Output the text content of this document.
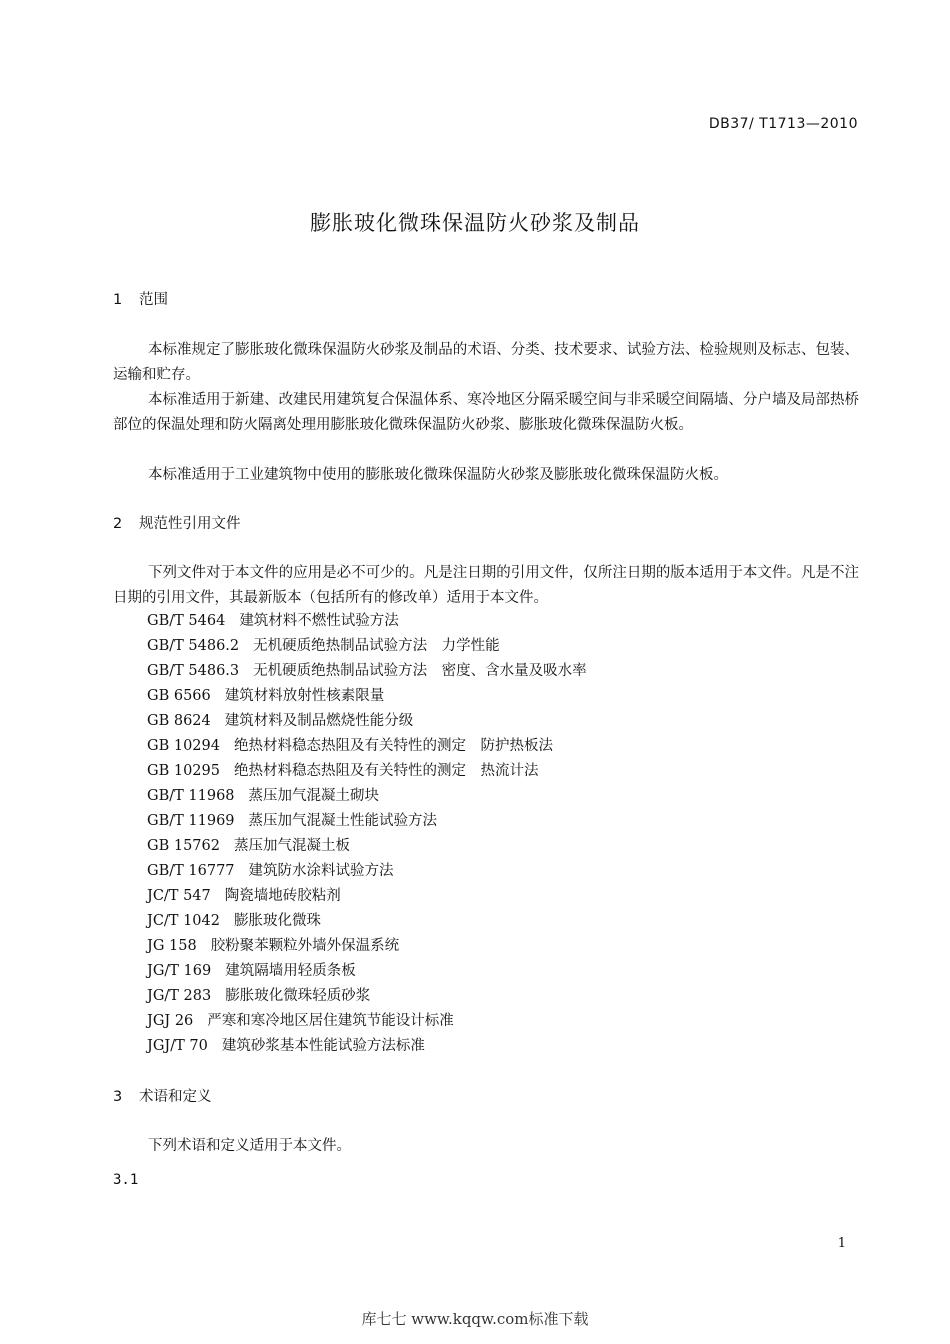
DB37/ T1713—2010
膨胀玻化微珠保温防火砂浆及制品
1 范围

本标准规定了膨胀玻化微珠保温防火砂浆及制品的术语、分类、技术要求、试验方法、检验规则及标志、包装、运输和贮存。

本标准适用于新建、改建民用建筑复合保温体系、寒冷地区分隔采暖空间与非采暖空间隔墙、分户墙及局部热桥部位的保温处理和防火隔离处理用膨胀玻化微珠保温防火砂浆、膨胀玻化微珠保温防火板。

本标准适用于工业建筑物中使用的膨胀玻化微珠保温防火砂浆及膨胀玻化微珠保温防火板。

2 规范性引用文件

下列文件对于本文件的应用是必不可少的。凡是注日期的引用文件，仅所注日期的版本适用于本文件。凡是不注日期的引用文件，其最新版本（包括所有的修改单）适用于本文件。

GB/T 5464 建筑材料不燃性试验方法
GB/T 5486.2 无机硬质绝热制品试验方法　力学性能
GB/T 5486.3 无机硬质绝热制品试验方法　密度、含水量及吸水率
GB 6566 建筑材料放射性核素限量
GB 8624 建筑材料及制品燃烧性能分级
GB 10294 绝热材料稳态热阻及有关特性的测定　防护热板法
GB 10295 绝热材料稳态热阻及有关特性的测定　热流计法
GB/T 11968 蒸压加气混凝土砌块
GB/T 11969 蒸压加气混凝土性能试验方法
GB 15762 蒸压加气混凝土板
GB/T 16777 建筑防水涂料试验方法
JC/T 547 陶瓷墙地砖胶粘剂
JC/T 1042 膨胀玻化微珠
JG 158 胶粉聚苯颗粒外墙外保温系统
JG/T 169 建筑隔墙用轻质条板
JG/T 283 膨胀玻化微珠轻质砂浆
JGJ 26 严寒和寒冷地区居住建筑节能设计标准
JGJ/T 70 建筑砂浆基本性能试验方法标准
3 术语和定义

下列术语和定义适用于本文件。

3.1
1
库七七 www.kqqw.com标准下载
